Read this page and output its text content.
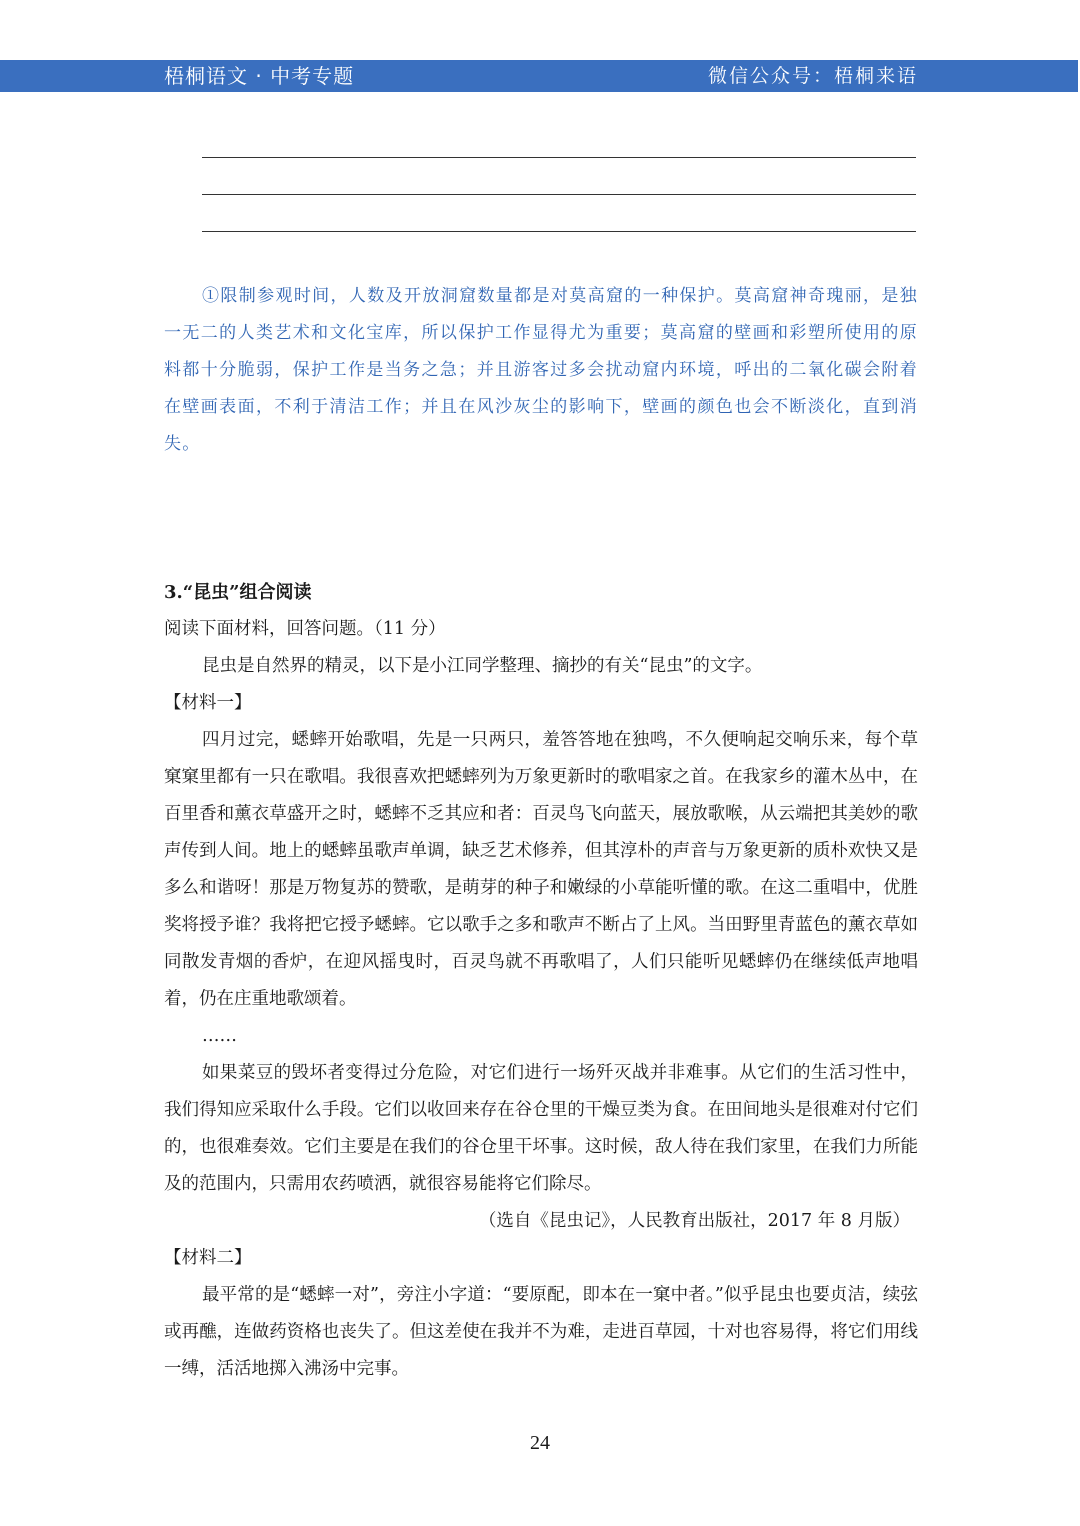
梧桐语文 · 中考专题	微信公众号：梧桐来语
①限制参观时间，人数及开放洞窟数量都是对莫高窟的一种保护。莫高窟神奇瑰丽，是独一无二的人类艺术和文化宝库，所以保护工作显得尤为重要；莫高窟的壁画和彩塑所使用的原料都十分脆弱，保护工作是当务之急；并且游客过多会扰动窟内环境，呼出的二氧化碳会附着在壁画表面，不利于清洁工作；并且在风沙灰尘的影响下，壁画的颜色也会不断淡化，直到消失。

3.“昆虫”组合阅读

阅读下面材料，回答问题。（11 分）

昆虫是自然界的精灵，以下是小江同学整理、摘抄的有关“昆虫”的文字。

【材料一】

四月过完，蟋蟀开始歌唱，先是一只两只，羞答答地在独鸣，不久便响起交响乐来，每个草窠窠里都有一只在歌唱。我很喜欢把蟋蟀列为万象更新时的歌唱家之首。在我家乡的灌木丛中，在百里香和薰衣草盛开之时，蟋蟀不乏其应和者：百灵鸟飞向蓝天，展放歌喉，从云端把其美妙的歌声传到人间。地上的蟋蟀虽歌声单调，缺乏艺术修养，但其淳朴的声音与万象更新的质朴欢快又是多么和谐呀！那是万物复苏的赞歌，是萌芽的种子和嫩绿的小草能听懂的歌。在这二重唱中，优胜奖将授予谁？我将把它授予蟋蟀。它以歌手之多和歌声不断占了上风。当田野里青蓝色的薰衣草如同散发青烟的香炉，在迎风摇曳时，百灵鸟就不再歌唱了，人们只能听见蟋蟀仍在继续低声地唱着，仍在庄重地歌颂着。

……

如果菜豆的毁坏者变得过分危险，对它们进行一场歼灭战并非难事。从它们的生活习性中，我们得知应采取什么手段。它们以收回来存在谷仓里的干燥豆类为食。在田间地头是很难对付它们的，也很难奏效。它们主要是在我们的谷仓里干坏事。这时候，敌人待在我们家里，在我们力所能及的范围内，只需用农药喷洒，就很容易能将它们除尽。

（选自《昆虫记》，人民教育出版社，2017 年 8 月版）

【材料二】

最平常的是“蟋蟀一对”，旁注小字道：“要原配，即本在一窠中者。”似乎昆虫也要贞洁，续弦或再醮，连做药资格也丧失了。但这差使在我并不为难，走进百草园，十对也容易得，将它们用线一缚，活活地掷入沸汤中完事。

24
